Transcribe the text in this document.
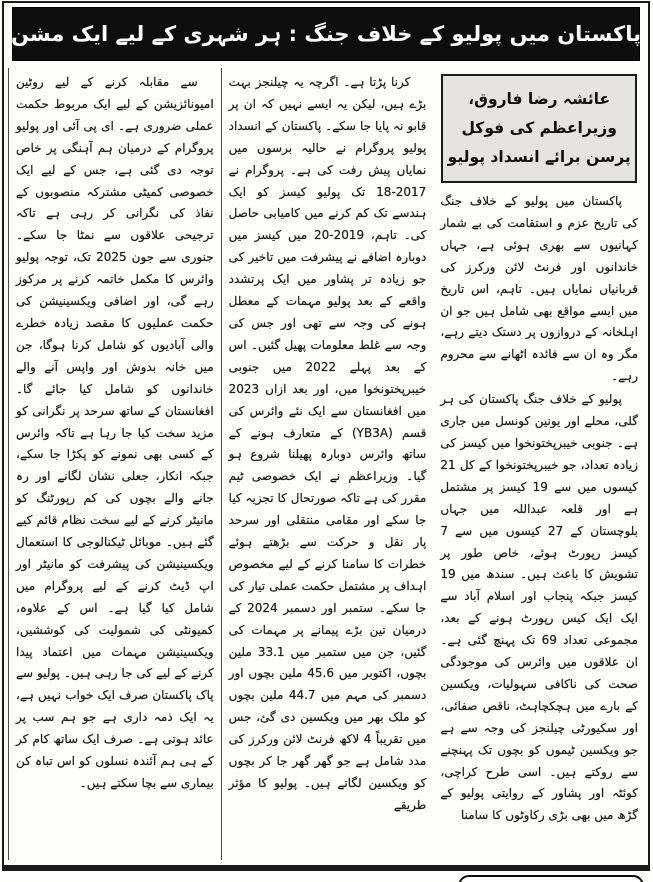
پاکستان میں پولیو کے خلاف جنگ : ہر شہری کے لیے ایک مشن
عائشہ رضا فاروق، وزیراعظم کی فوکل پرسن برائے انسداد پولیو

پاکستان میں پولیو کے خلاف جنگ کی تاریخ عزم و استقامت کی بے شمار کہانیوں سے بھری ہوئی ہے، جہاں خاندانوں اور فرنٹ لائن ورکرز کی قربانیاں نمایاں ہیں۔ تاہم، اس تاریخ میں ایسے مواقع بھی شامل ہیں جو ان اہلخانہ کے دروازوں پر دستک دیتے رہے، مگر وہ ان سے فائدہ اٹھانے سے محروم رہے۔

پولیو کے خلاف جنگ پاکستان کی ہر گلی، محلے اور یونین کونسل میں جاری ہے۔ جنوبی خیبرپختونخوا میں کیسز کی زیادہ تعداد، جو خیبرپختونخوا کے کل 21 کیسوں میں سے 19 کیسز پر مشتمل ہے اور قلعہ عبداللہ میں جہاں بلوچستان کے 27 کیسوں میں سے 7 کیسز رپورٹ ہوئے، خاص طور پر تشویش کا باعث ہیں۔ سندھ میں 19 کیسز جبکہ پنجاب اور اسلام آباد سے ایک ایک کیس رپورٹ ہونے کے بعد، مجموعی تعداد 69 تک پہنچ گئی ہے۔ ان علاقوں میں وائرس کی موجودگی صحت کی ناکافی سہولیات، ویکسین کے بارے میں ہچکچاہٹ، ناقص صفائی، اور سکیورٹی چیلنجز کی وجہ سے ہے جو ویکسین ٹیموں کو بچوں تک پہنچنے سے روکتے ہیں۔ اسی طرح کراچی، کوئٹہ اور پشاور کے روایتی پولیو کے گڑھ میں بھی بڑی رکاوٹوں کا سامنا

کرنا پڑتا ہے۔ اگرچہ یہ چیلنجز بہت بڑے ہیں، لیکن یہ ایسے نہیں کہ ان پر قابو نہ پایا جا سکے۔ پاکستان کے انسداد پولیو پروگرام نے حالیہ برسوں میں نمایاں پیش رفت کی ہے۔ پروگرام نے 2017-18 تک پولیو کیسز کو ایک ہندسے تک کم کرنے میں کامیابی حاصل کی۔ تاہم، 2019-20 میں کیسز میں دوبارہ اضافے نے پیشرفت میں تاخیر کی جو زیادہ تر پشاور میں ایک پرتشدد واقعے کے بعد پولیو مہمات کے معطل ہونے کی وجہ سے تھی اور جس کی وجہ سے غلط معلومات پھیل گئیں۔ اس کے بعد پہلے 2022 میں جنوبی خیبرپختونخوا میں، اور بعد ازاں 2023 میں افغانستان سے ایک نئے وائرس کی قسم (YB3A) کے متعارف ہونے کے ساتھ وائرس دوبارہ پھیلنا شروع ہو گیا۔ وزیراعظم نے ایک خصوصی ٹیم مقرر کی ہے تاکہ صورتحال کا تجزیہ کیا جا سکے اور مقامی منتقلی اور سرحد پار نقل و حرکت سے بڑھتے ہوئے خطرات کا سامنا کرنے کے لیے مخصوص اہداف پر مشتمل حکمت عملی تیار کی جا سکے۔ ستمبر اور دسمبر 2024 کے درمیان تین بڑے پیمانے پر مہمات کی گئیں، جن میں ستمبر میں 33.1 ملین بچوں، اکتوبر میں 45.6 ملین بچوں اور دسمبر کی مہم میں 44.7 ملین بچوں کو ملک بھر میں ویکسین دی گئ، جس میں تقریباً 4 لاکھ فرنٹ لائن ورکرز کی مدد شامل ہے جو گھر گھر جا کر بچوں کو ویکسین لگاتے ہیں۔ پولیو کا مؤثر طریقے

سے مقابلہ کرنے کے لیے روٹین امیونائزیشن کے لیے ایک مربوط حکمت عملی ضروری ہے۔ ای پی آئی اور پولیو پروگرام کے درمیان ہم آہنگی پر خاص توجہ دی گئی ہے، جس کے لیے ایک خصوصی کمیٹی مشترکہ منصوبوں کے نفاذ کی نگرانی کر رہی ہے تاکہ ترجیحی علاقوں سے نمٹا جا سکے۔ جنوری سے جون 2025 تک، توجہ پولیو وائرس کا مکمل خاتمہ کرنے پر مرکوز رہے گی، اور اضافی ویکسینیشن کی حکمت عملیوں کا مقصد زیادہ خطرے والی آبادیوں کو شامل کرنا ہوگا، جن میں خانہ بدوش اور واپس آنے والے خاندانوں کو شامل کیا جائے گا۔ افغانستان کے ساتھ سرحد پر نگرانی کو مزید سخت کیا جا رہا ہے تاکہ وائرس کے کسی بھی نمونے کو پکڑا جا سکے، جبکہ انکار، جعلی نشان لگانے اور رہ جانے والے بچوں کی کم رپورٹنگ کو مانیٹر کرنے کے لیے سخت نظام قائم کیے گئے ہیں۔ موبائل ٹیکنالوجی کا استعمال ویکسینیشن کی پیشرفت کو مانیٹر اور اپ ڈیٹ کرنے کے لیے پروگرام میں شامل کیا گیا ہے۔ اس کے علاوہ، کمیونٹی کی شمولیت کی کوششیں، ویکسینیشن مہمات میں اعتماد پیدا کرنے کے لیے کی جا رہی ہیں۔ پولیو سے پاک پاکستان صرف ایک خواب نہیں ہے، یہ ایک ذمہ داری ہے جو ہم سب پر عائد ہوتی ہے۔ صرف ایک ساتھ کام کر کے ہی ہم آئندہ نسلوں کو اس تباہ کن بیماری سے بچا سکتے ہیں۔
